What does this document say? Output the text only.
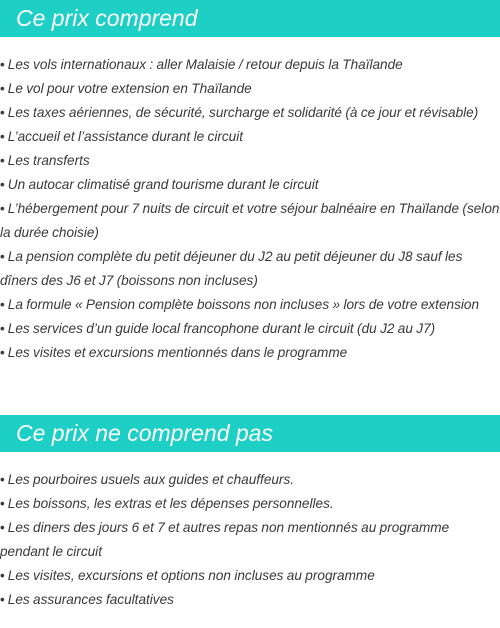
Ce prix comprend
• Les vols internationaux : aller Malaisie / retour depuis la Thaïlande
• Le vol pour votre extension en Thaïlande
• Les taxes aériennes, de sécurité, surcharge et solidarité (à ce jour et révisable)
• L’accueil et l’assistance durant le circuit
• Les transferts
• Un autocar climatisé grand tourisme durant le circuit
• L’hébergement pour 7 nuits de circuit et votre séjour balnéaire en Thaïlande (selon la durée choisie)
• La pension complète du petit déjeuner du J2 au petit déjeuner du J8 sauf les dîners des J6 et J7 (boissons non incluses)
• La formule « Pension complète boissons non incluses » lors de votre extension
• Les services d’un guide local francophone durant le circuit (du J2 au J7)
• Les visites et excursions mentionnés dans le programme
Ce prix ne comprend pas
• Les pourboires usuels aux guides et chauffeurs.
• Les boissons, les extras et les dépenses personnelles.
• Les diners des jours 6 et 7 et autres repas non mentionnés au programme pendant le circuit
• Les visites, excursions et options non incluses au programme
• Les assurances facultatives
